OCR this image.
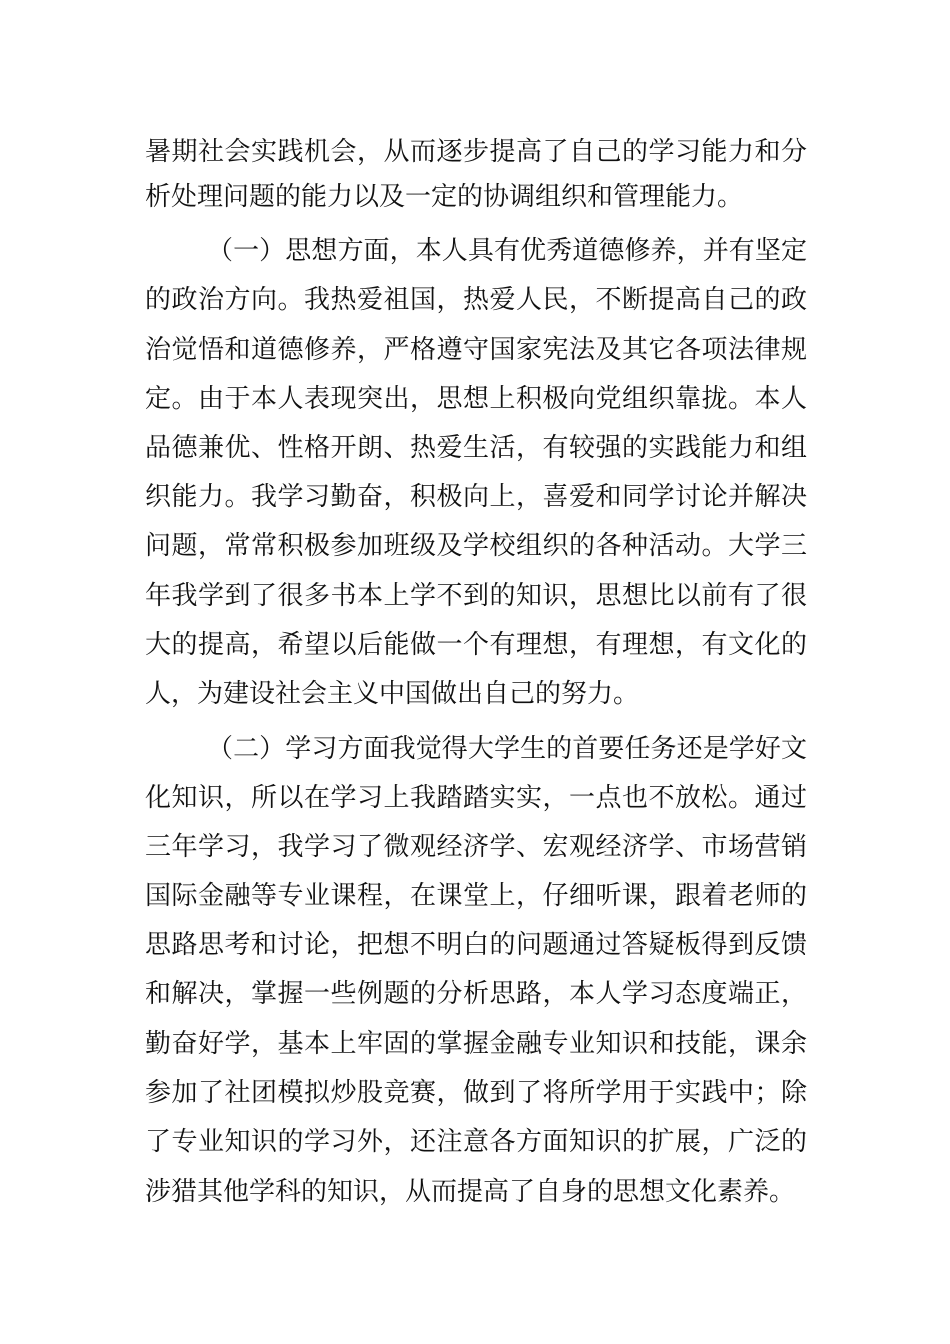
暑期社会实践机会，从而逐步提高了自己的学习能力和分
析处理问题的能力以及一定的协调组织和管理能力。
（一）思想方面，本人具有优秀道德修养，并有坚定
的政治方向。我热爱祖国，热爱人民，不断提高自己的政
治觉悟和道德修养，严格遵守国家宪法及其它各项法律规
定。由于本人表现突出，思想上积极向党组织靠拢。本人
品德兼优、性格开朗、热爱生活，有较强的实践能力和组
织能力。我学习勤奋，积极向上，喜爱和同学讨论并解决
问题，常常积极参加班级及学校组织的各种活动。大学三
年我学到了很多书本上学不到的知识，思想比以前有了很
大的提高，希望以后能做一个有理想，有理想，有文化的
人，为建设社会主义中国做出自己的努力。
（二）学习方面我觉得大学生的首要任务还是学好文
化知识，所以在学习上我踏踏实实，一点也不放松。通过
三年学习，我学习了微观经济学、宏观经济学、市场营销
国际金融等专业课程，在课堂上，仔细听课，跟着老师的
思路思考和讨论，把想不明白的问题通过答疑板得到反馈
和解决，掌握一些例题的分析思路，本人学习态度端正，
勤奋好学，基本上牢固的掌握金融专业知识和技能，课余
参加了社团模拟炒股竞赛，做到了将所学用于实践中；除
了专业知识的学习外，还注意各方面知识的扩展，广泛的
涉猎其他学科的知识，从而提高了自身的思想文化素养。
